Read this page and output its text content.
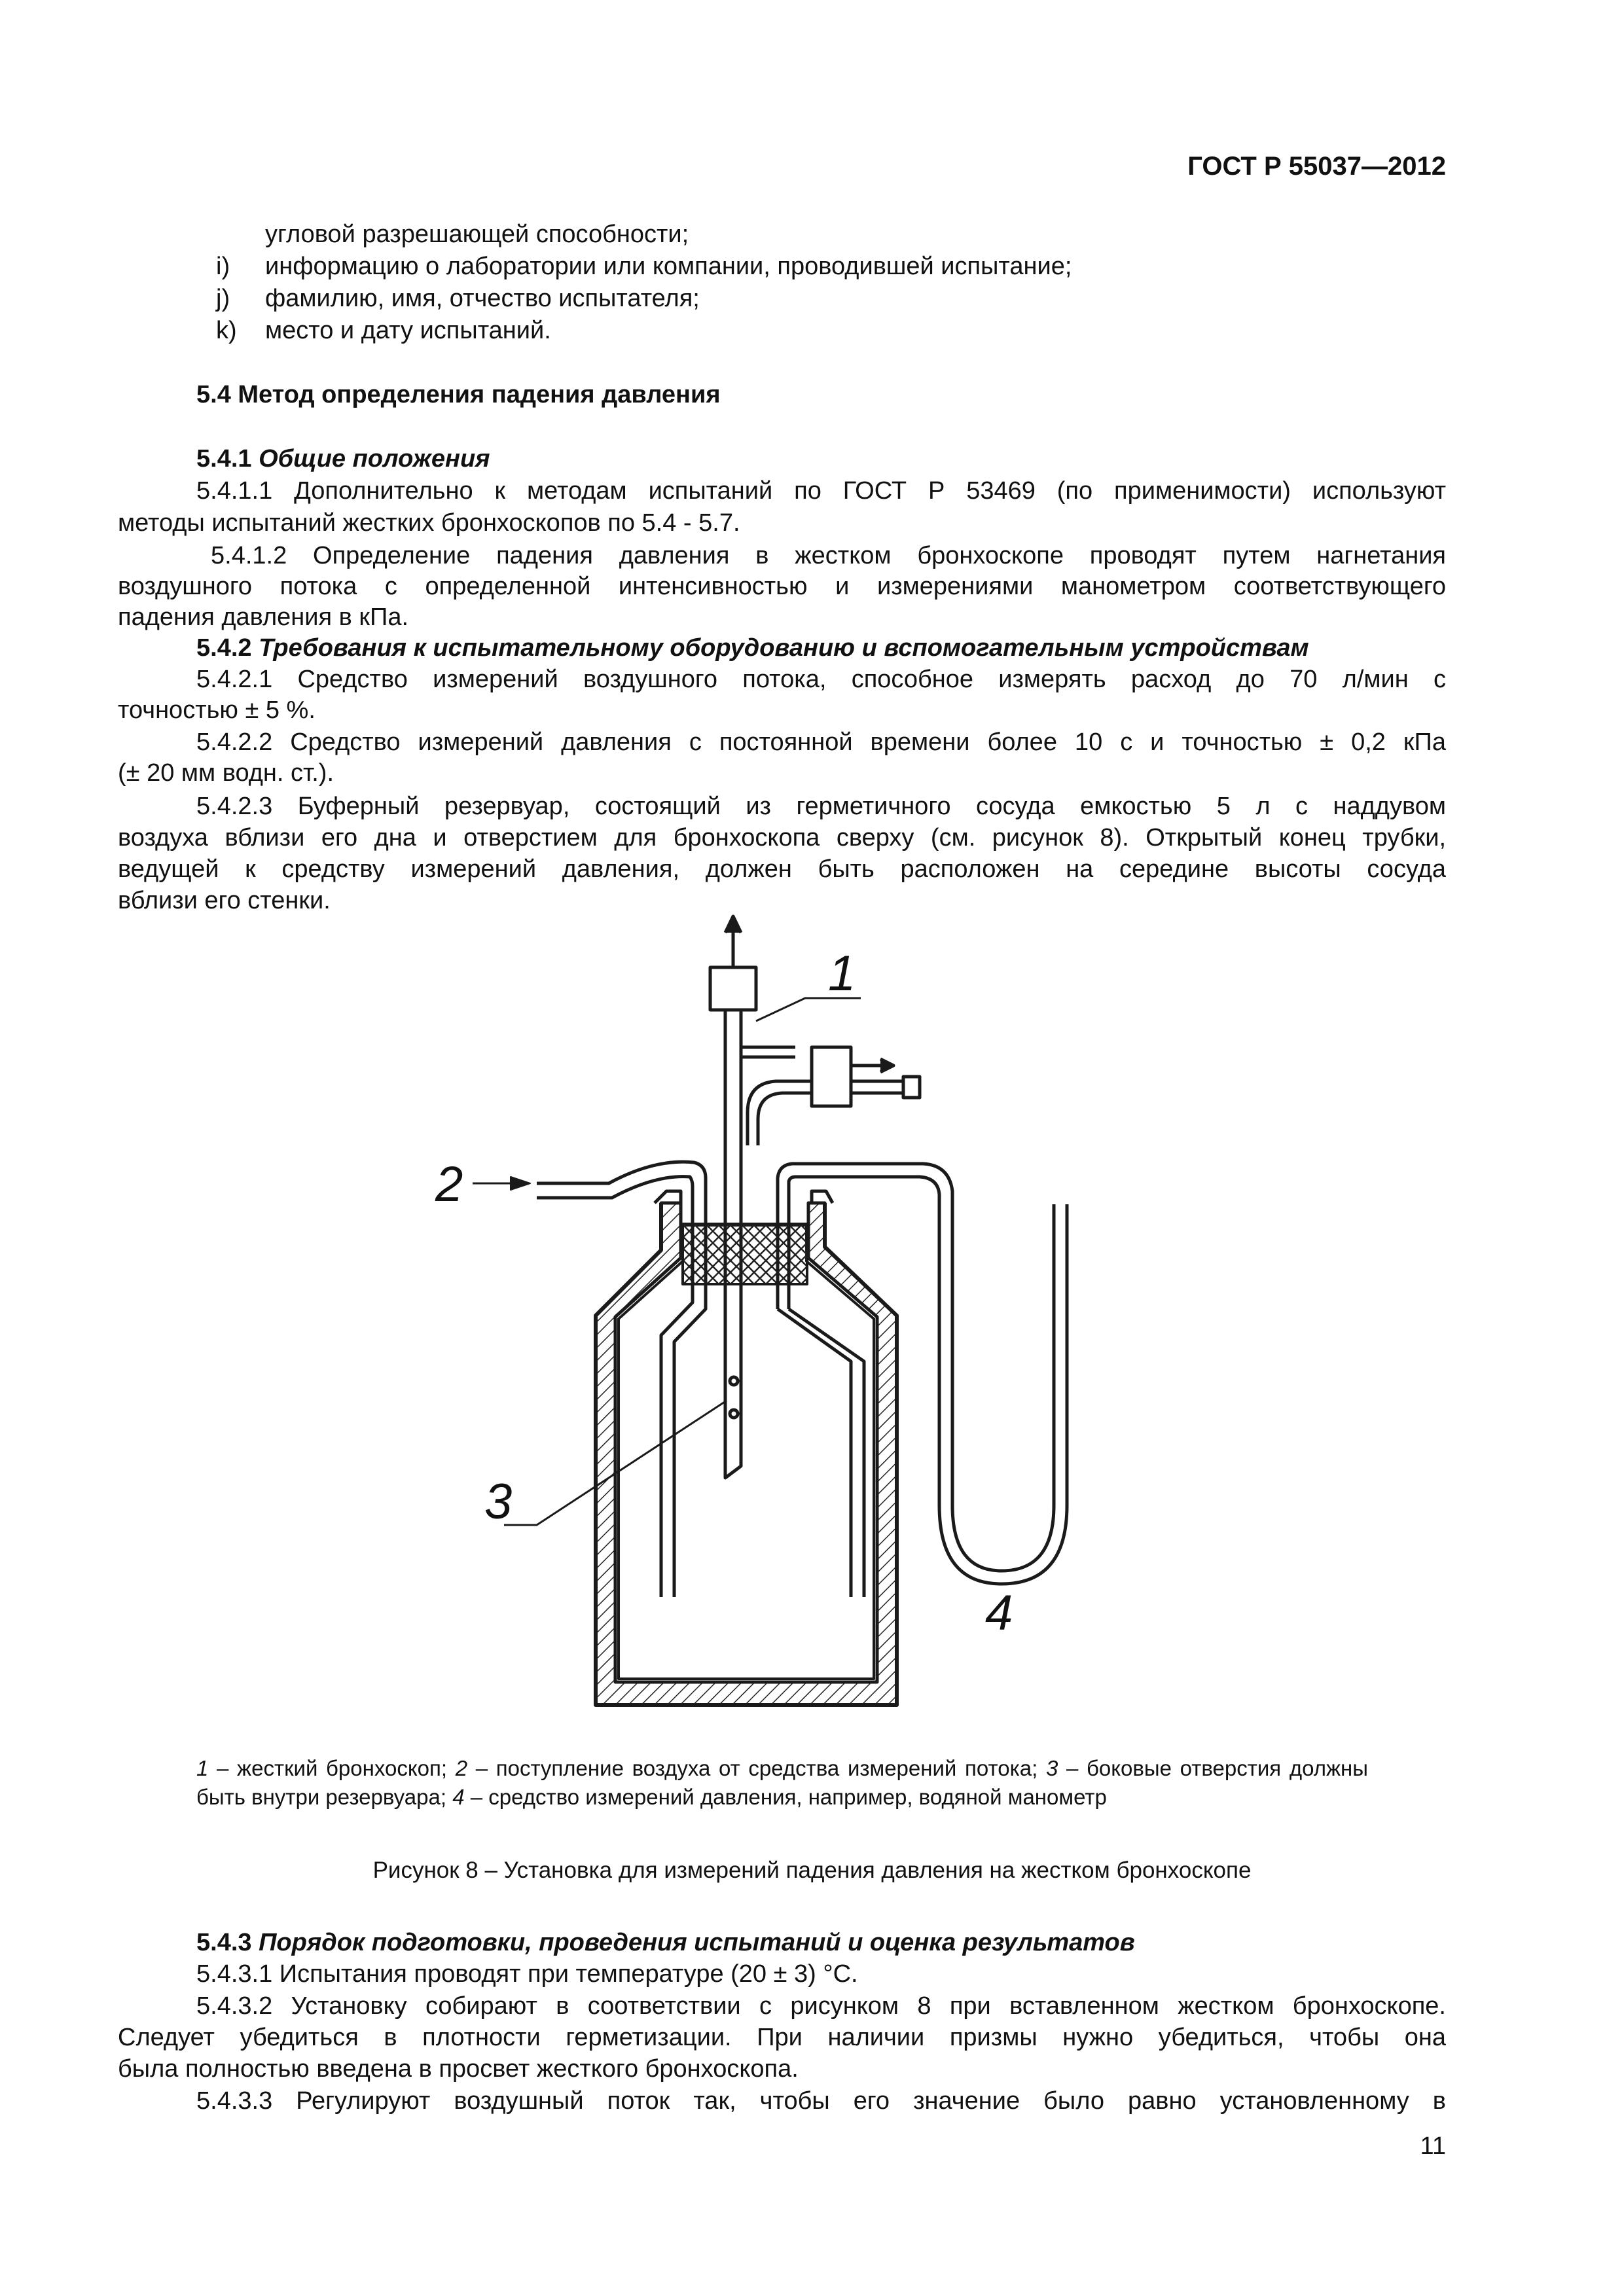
ГОСТ Р 55037—2012
угловой разрешающей способности;
i) информацию о лаборатории или компании, проводившей испытание;
j) фамилию, имя, отчество испытателя;
k) место и дату испытаний.
5.4 Метод определения падения давления
5.4.1 Общие положения
5.4.1.1 Дополнительно к методам испытаний по ГОСТ Р 53469 (по применимости) используют
методы испытаний жестких бронхоскопов по 5.4 - 5.7.
5.4.1.2 Определение падения давления в жестком бронхоскопе проводят путем нагнетания
воздушного потока с определенной интенсивностью и измерениями манометром соответствующего
падения давления в кПа.
5.4.2 Требования к испытательному оборудованию и вспомогательным устройствам
5.4.2.1 Средство измерений воздушного потока, способное измерять расход до 70 л/мин с
точностью ± 5 %.
5.4.2.2 Средство измерений давления с постоянной времени более 10 с и точностью ± 0,2 кПа
(± 20 мм водн. ст.).
5.4.2.3 Буферный резервуар, состоящий из герметичного сосуда емкостью 5 л с наддувом
воздуха вблизи его дна и отверстием для бронхоскопа сверху (см. рисунок 8). Открытый конец трубки,
ведущей к средству измерений давления, должен быть расположен на середине высоты сосуда
вблизи его стенки.
1
2
3
4
1 – жесткий бронхоскоп; 2 – поступление воздуха от средства измерений потока; 3 – боковые отверстия должны быть внутри резервуара; 4 – средство измерений давления, например, водяной манометр
Рисунок 8 – Установка для измерений падения давления на жестком бронхоскопе
5.4.3 Порядок подготовки, проведения испытаний и оценка результатов
5.4.3.1 Испытания проводят при температуре (20 ± 3) °С.
5.4.3.2 Установку собирают в соответствии с рисунком 8 при вставленном жестком бронхоскопе.
Следует убедиться в плотности герметизации. При наличии призмы нужно убедиться, чтобы она
была полностью введена в просвет жесткого бронхоскопа.
5.4.3.3 Регулируют воздушный поток так, чтобы его значение было равно установленному в
11
